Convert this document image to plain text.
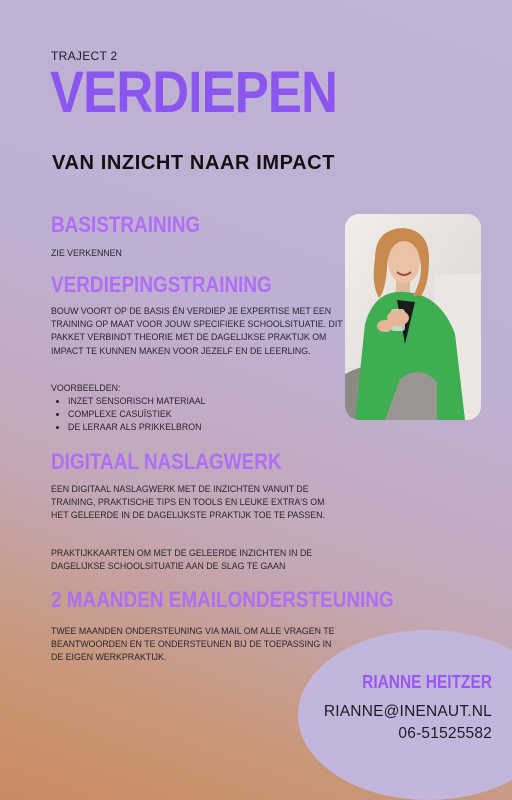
TRAJECT 2
VERDIEPEN
VAN INZICHT NAAR IMPACT
BASISTRAINING
ZIE VERKENNEN
VERDIEPINGSTRAINING
BOUW VOORT OP DE BASIS ÉN VERDIEP JE EXPERTISE MET EEN TRAINING OP MAAT VOOR JOUW SPECIFIEKE SCHOOLSITUATIE. DIT PAKKET VERBINDT THEORIE MET DE DAGELIJKSE PRAKTIJK OM IMPACT TE KUNNEN MAKEN VOOR JEZELF EN DE LEERLING.
VOORBEELDEN:
• INZET SENSORISCH MATERIAAL
• COMPLEXE CASUÏSTIEK
• DE LERAAR ALS PRIKKELBRON
DIGITAAL NASLAGWERK
EEN DIGITAAL NASLAGWERK MET DE INZICHTEN VANUIT DE TRAINING, PRAKTISCHE TIPS EN TOOLS EN LEUKE EXTRA'S OM HET GELEERDE IN DE DAGELIJKSTE PRAKTIJK TOE TE PASSEN.
PRAKTIJKKAARTEN OM MET DE GELEERDE INZICHTEN IN DE DAGELIJKSE SCHOOLSITUATIE AAN DE SLAG TE GAAN
2 MAANDEN EMAILONDERSTEUNING
TWEE MAANDEN ONDERSTEUNING VIA MAIL OM ALLE VRAGEN TE BEANTWOORDEN EN TE ONDERSTEUNEN BIJ DE TOEPASSING IN DE EIGEN WERKPRAKTIJK.
RIANNE HEITZER
RIANNE@INENAUT.NL
06-51525582
